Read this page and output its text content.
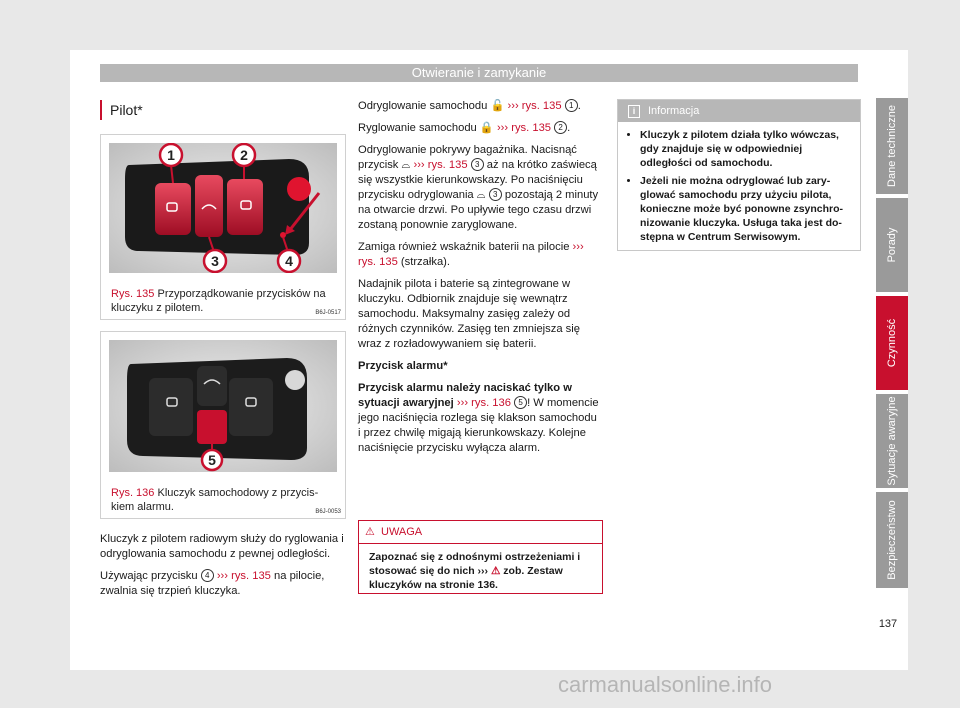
Otwieranie i zamykanie
Pilot*
1	2
3	4
B6J-0517
Rys. 135 Przyporządkowanie przycisków na kluczyku z pilotem.
5
B6J-0053
Rys. 136 Kluczyk samochodowy z przyciskiem alarmu.

Kluczyk z pilotem radiowym służy do ryglowania i odryglowania samochodu z pewnej odległości.

Używając przycisku 4 ››› rys. 135 na pilocie, zwalnia się trzpień kluczyka.

Odryglowanie samochodu 🔓 ››› rys. 135 1 .

Ryglowanie samochodu 🔒 ››› rys. 135 2 .

Odryglowanie pokrywy bagażnika. Nacisnąć przycisk ⌓ ››› rys. 135 3 aż na krótko zaświecą się wszystkie kierunkowskazy. Po naciśnięciu przycisku odryglowania ⌓ 3 pozostają 2 minuty na otwarcie drzwi. Po upływie tego czasu drzwi zostaną ponownie zaryglowane.

Zamiga również wskaźnik baterii na pilocie ››› rys. 135 (strzałka).

Nadajnik pilota i baterie są zintegrowane w kluczyku. Odbiornik znajduje się wewnątrz samochodu. Maksymalny zasięg zależy od różnych czynników. Zasięg ten zmniejsza się wraz z rozładowywaniem się baterii.

Przycisk alarmu*

Przycisk alarmu należy naciskać tylko w sytuacji awaryjnej ››› rys. 136 5 ! W momencie jego naciśnięcia rozlega się klakson samochodu i przez chwilę migają kierunkowskazy. Kolejne naciśnięcie przycisku wyłącza alarm.

⚠ UWAGA
Zapoznać się z odnośnymi ostrzeżeniami i stosować się do nich ››› ⚠ zob. Zestaw kluczyków na stronie 136.
i	Informacja
• Kluczyk z pilotem działa tylko wówczas, gdy znajduje się w odpowiedniej odległości od samochodu.
• Jeżeli nie można odryglować lub zaryglować samochodu przy użyciu pilota, konieczne może być ponowne zsynchronizowanie kluczyka. Usługa taka jest dostępna w Centrum Serwisowym.
Dane techniczne
Porady
Czynność
Sytuacje awaryjne
Bezpieczeństwo
137
carmanualsonline.info
